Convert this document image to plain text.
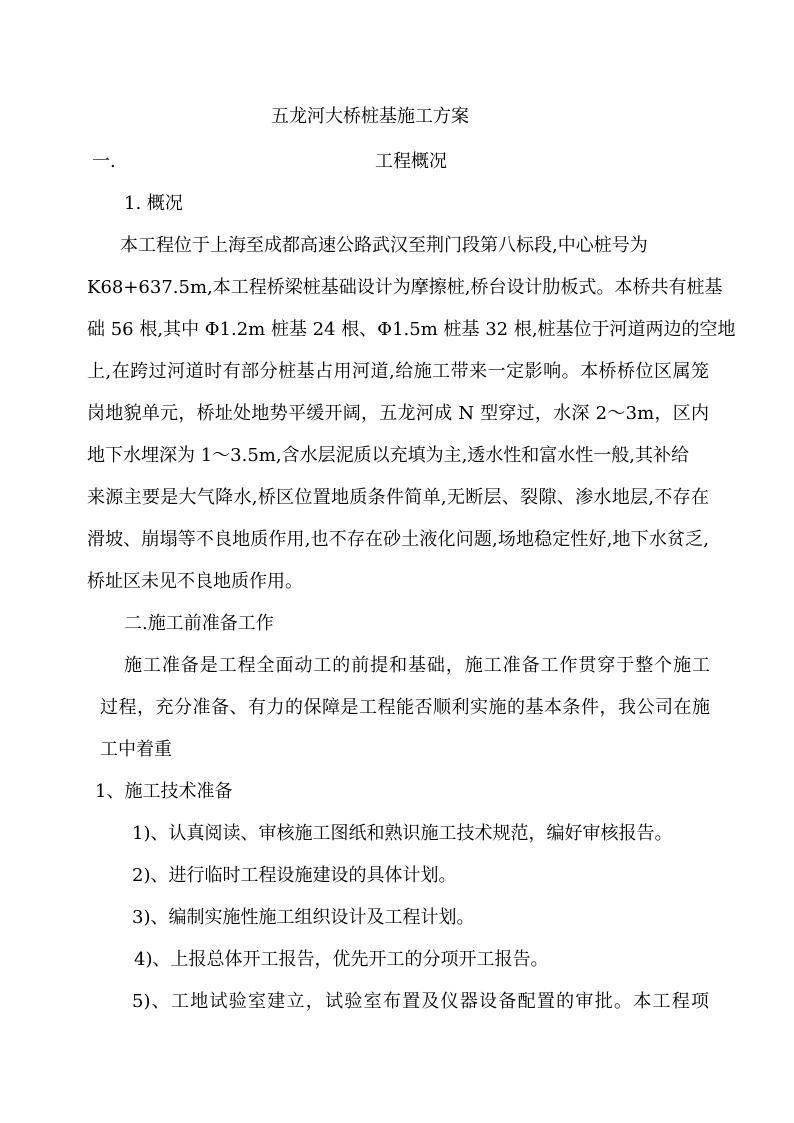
五龙河大桥桩基施工方案
一.	工程概况
1. 概况
本工程位于上海至成都高速公路武汉至荆门段第八标段,中心桩号为
K68+637.5m,本工程桥梁桩基础设计为摩擦桩,桥台设计肋板式。本桥共有桩基
础 56 根,其中 Φ1.2m 桩基 24 根、Φ1.5m 桩基 32 根,桩基位于河道两边的空地
上,在跨过河道时有部分桩基占用河道,给施工带来一定影响。本桥桥位区属笼
岗地貌单元，桥址处地势平缓开阔，五龙河成 N 型穿过，水深 2～3m，区内
地下水埋深为 1～3.5m,含水层泥质以充填为主,透水性和富水性一般,其补给
来源主要是大气降水,桥区位置地质条件简单,无断层、裂隙、渗水地层,不存在
滑坡、崩塌等不良地质作用,也不存在砂土液化问题,场地稳定性好,地下水贫乏,
桥址区未见不良地质作用。
二.施工前准备工作
施工准备是工程全面动工的前提和基础，施工准备工作贯穿于整个施工
过程，充分准备、有力的保障是工程能否顺利实施的基本条件，我公司在施
工中着重
1、施工技术准备
1)、认真阅读、审核施工图纸和熟识施工技术规范，编好审核报告。
2)、进行临时工程设施建设的具体计划。
3)、编制实施性施工组织设计及工程计划。
4)、上报总体开工报告，优先开工的分项开工报告。
5)、工地试验室建立，试验室布置及仪器设备配置的审批。本工程项
